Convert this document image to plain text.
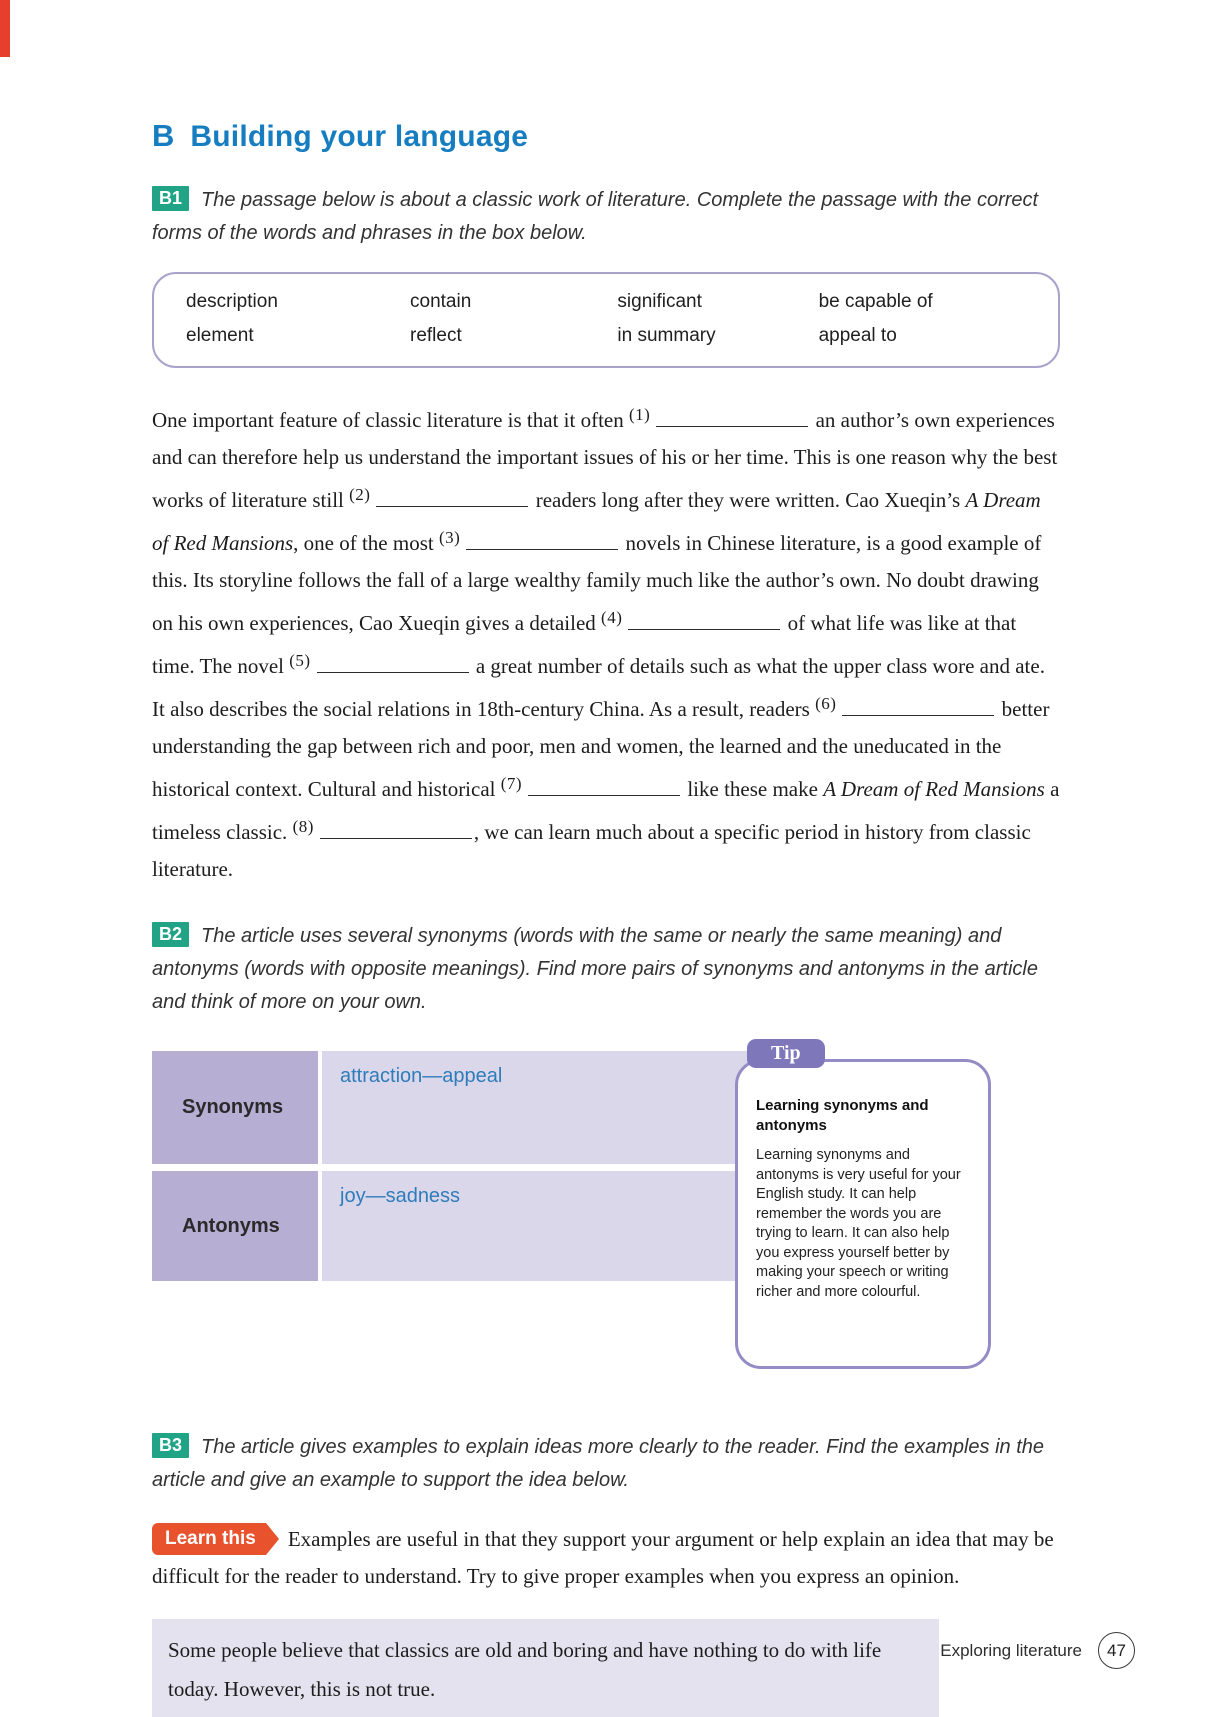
B Building your language

B1 The passage below is about a classic work of literature. Complete the passage with the correct forms of the words and phrases in the box below.

description	contain	significant	be capable of
element	reflect	in summary	appeal to
One important feature of classic literature is that it often $^{(1)}$	an author’s own experiences and can therefore help us understand the important issues of his or her time. This is one reason why the best works of literature still $^{(2)}$	readers long after they were written. Cao Xueqin’s A Dream of Red Mansions, one of the most $^{(3)}$	novels in Chinese literature, is a good example of this. Its storyline follows the fall of a large wealthy family much like the author’s own. No doubt drawing on his own experiences, Cao Xueqin gives a detailed $^{(4)}$	of what life was like at that time. The novel $^{(5)}$	a great number of details such as what the upper class wore and ate. It also describes the social relations in 18th-century China. As a result, readers $^{(6)}$	better understanding the gap between rich and poor, men and women, the learned and the uneducated in the historical context. Cultural and historical $^{(7)}$	like these make A Dream of Red Mansions a timeless classic. $^{(8)}$	, we can learn much about a specific period in history from classic literature.

B2 The article uses several synonyms (words with the same or nearly the same meaning) and antonyms (words with opposite meanings). Find more pairs of synonyms and antonyms in the article and think of more on your own.

Synonyms
attraction—appeal
Antonyms
joy—sadness
Tip
Learning synonyms and antonyms
Learning synonyms and antonyms is very useful for your English study. It can help remember the words you are trying to learn. It can also help you express yourself better by making your speech or writing richer and more colourful.

B3 The article gives examples to explain ideas more clearly to the reader. Find the examples in the article and give an example to support the idea below.

Learn this Examples are useful in that they support your argument or help explain an idea that may be difficult for the reader to understand. Try to give proper examples when you express an opinion.
Some people believe that classics are old and boring and have nothing to do with life today. However, this is not true.
Exploring literature	47
